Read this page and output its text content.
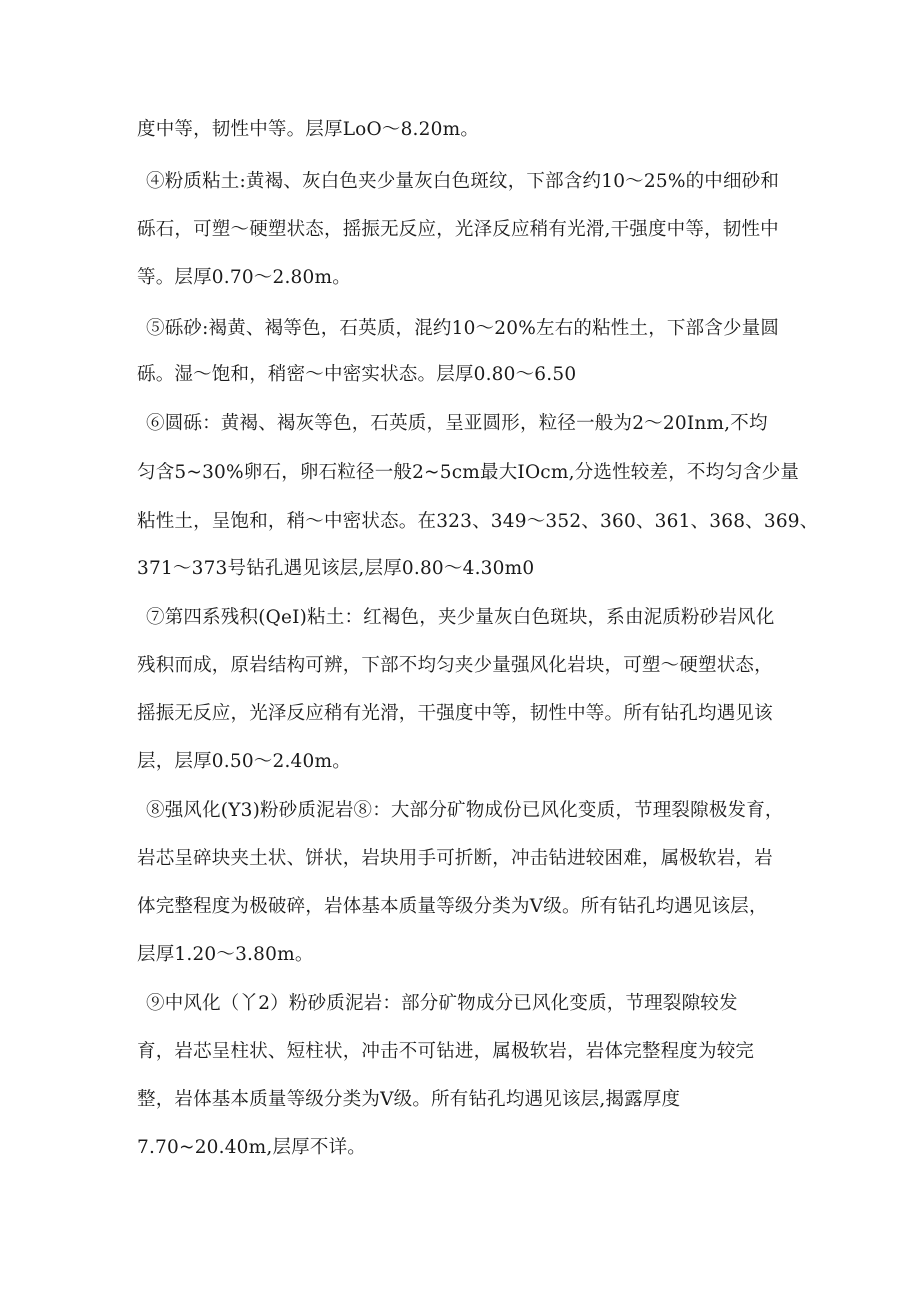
度中等，韧性中等。层厚LoO～8.20m。

④粉质粘土:黄褐、灰白色夹少量灰白色斑纹，下部含约10～25%的中细砂和

砾石，可塑～硬塑状态，摇振无反应，光泽反应稍有光滑,干强度中等，韧性中

等。层厚0.70～2.80m。

⑤砾砂:褐黄、褐等色，石英质，混约10～20%左右的粘性土，下部含少量圆

砾。湿～饱和，稍密～中密实状态。层厚0.80～6.50

⑥圆砾：黄褐、褐灰等色，石英质，呈亚圆形，粒径一般为2～20Inm,不均

匀含5~30%卵石，卵石粒径一般2~5cm最大IOcm,分选性较差，不均匀含少量

粘性土，呈饱和，稍～中密状态。在323、349～352、360、361、368、369、

371～373号钻孔遇见该层,层厚0.80～4.30m0

⑦第四系残积(QeI)粘土：红褐色，夹少量灰白色斑块，系由泥质粉砂岩风化

残积而成，原岩结构可辨，下部不均匀夹少量强风化岩块，可塑～硬塑状态，

摇振无反应，光泽反应稍有光滑，干强度中等，韧性中等。所有钻孔均遇见该

层，层厚0.50～2.40m。

⑧强风化(Y3)粉砂质泥岩⑧：大部分矿物成份已风化变质，节理裂隙极发育，

岩芯呈碎块夹土状、饼状，岩块用手可折断，冲击钻进较困难，属极软岩，岩

体完整程度为极破碎，岩体基本质量等级分类为Ⅴ级。所有钻孔均遇见该层，

层厚1.20～3.80m。

⑨中风化（丫2）粉砂质泥岩：部分矿物成分已风化变质，节理裂隙较发

育，岩芯呈柱状、短柱状，冲击不可钻进，属极软岩，岩体完整程度为较完

整，岩体基本质量等级分类为Ⅴ级。所有钻孔均遇见该层,揭露厚度

7.70~20.40m,层厚不详。
